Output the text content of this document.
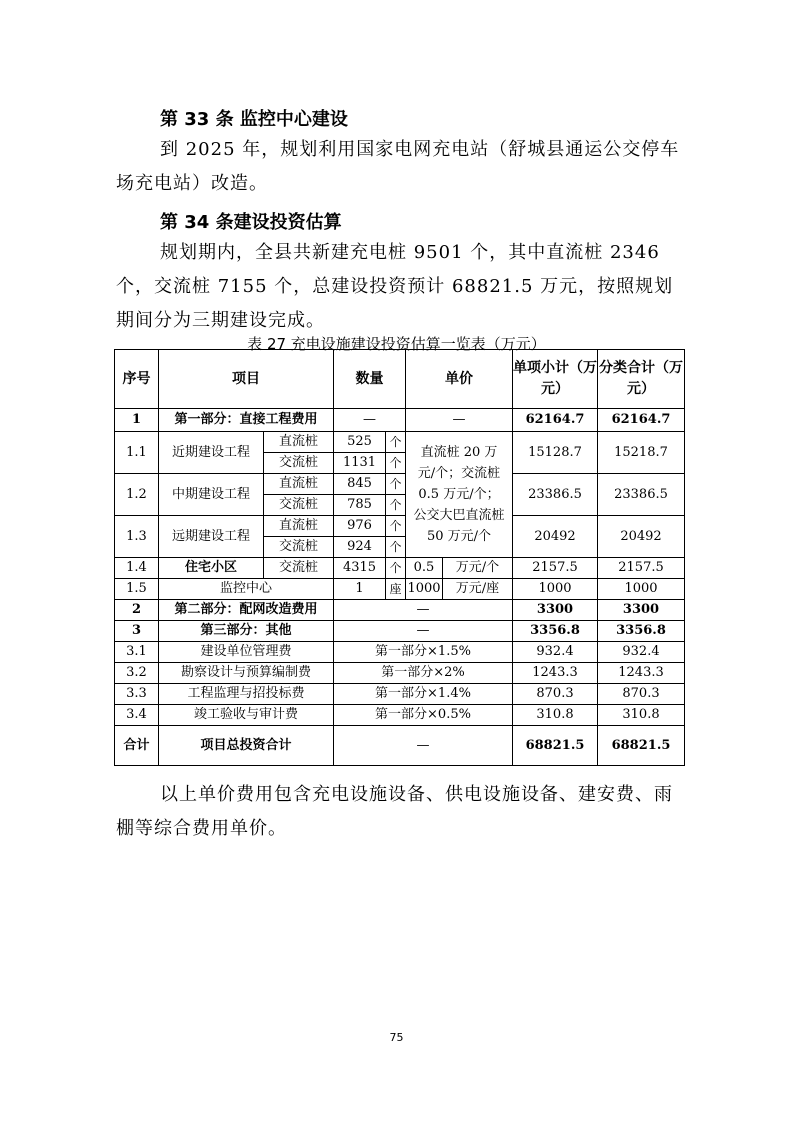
第 33 条 监控中心建设
到 2025 年，规划利用国家电网充电站（舒城县通运公交停车场充电站）改造。
第 34 条建设投资估算
规划期内，全县共新建充电桩 9501 个，其中直流桩 2346 个，交流桩 7155 个，总建设投资预计 68821.5 万元，按照规划期间分为三期建设完成。
表 27 充电设施建设投资估算一览表（万元）
序号	项目		数量		单价		单项小计（万元）	分类合计（万元）
1	第一部分：直接工程费用		—		—		62164.7	62164.7
1.1	近期建设工程	直流桩	525	个	直流桩 20 万元/个；交流桩 0.5 万元/个；公交大巴直流桩 50 万元/个		15128.7	15218.7
		交流桩	1131	个				
1.2	中期建设工程	直流桩	845	个			23386.5	23386.5
		交流桩	785	个				
1.3	远期建设工程	直流桩	976	个			20492	20492
		交流桩	924	个				
1.4	住宅小区	交流桩	4315	个	0.5	万元/个	2157.5	2157.5
1.5	监控中心		1	座	1000	万元/座	1000	1000
2	第二部分：配网改造费用		—				3300	3300
3	第三部分：其他		—				3356.8	3356.8
3.1	建设单位管理费		第一部分×1.5%				932.4	932.4
3.2	勘察设计与预算编制费		第一部分×2%				1243.3	1243.3
3.3	工程监理与招投标费		第一部分×1.4%				870.3	870.3
3.4	竣工验收与审计费		第一部分×0.5%				310.8	310.8
合计	项目总投资合计		—				68821.5	68821.5
以上单价费用包含充电设施设备、供电设施设备、建安费、雨棚等综合费用单价。
75
